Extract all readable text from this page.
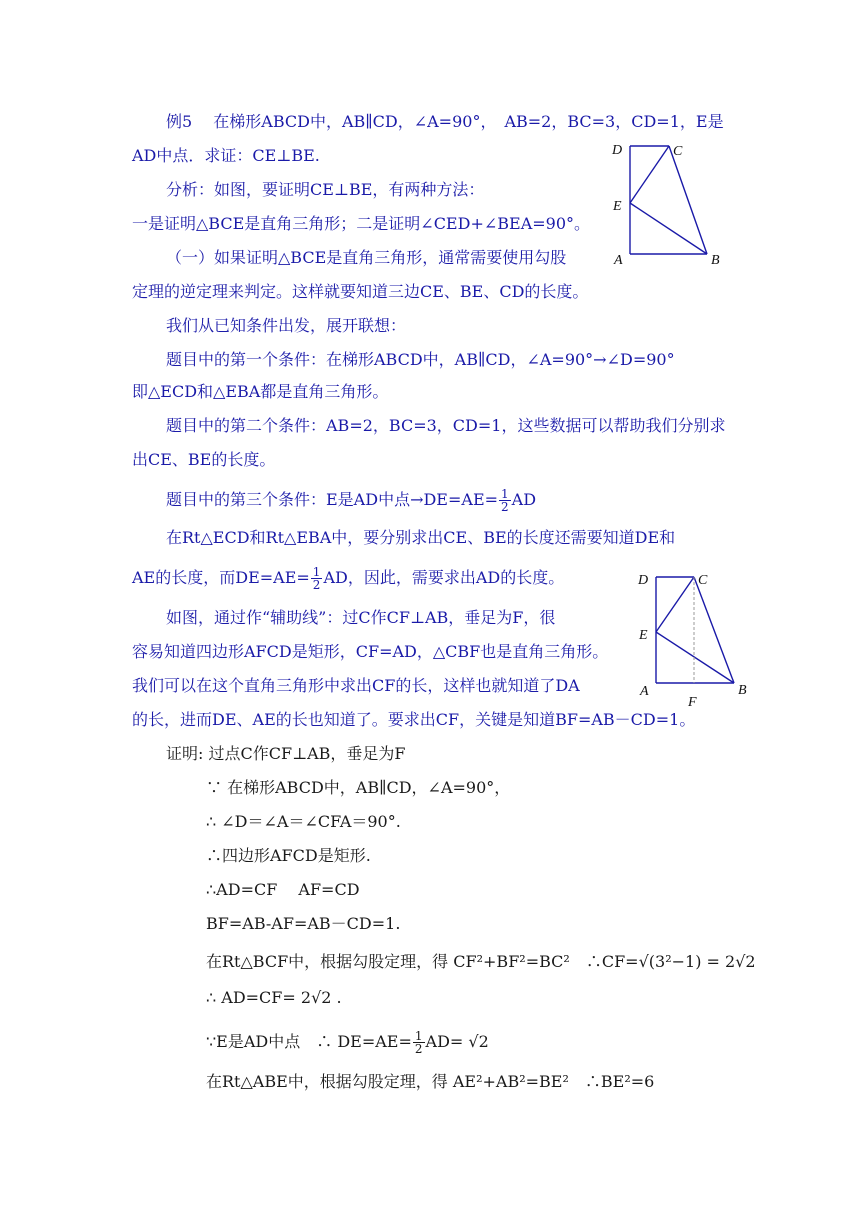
例5　 在梯形ABCD中，AB∥CD，∠A=90°，　AB=2，BC=3，CD=1，E是
AD中点．求证：CE⊥BE.
分析：如图，要证明CE⊥BE，有两种方法：
一是证明△BCE是直角三角形；二是证明∠CED+∠BEA=90°。
（一）如果证明△BCE是直角三角形，通常需要使用勾股
定理的逆定理来判定。这样就要知道三边CE、BE、CD的长度。
我们从已知条件出发，展开联想：
题目中的第一个条件：在梯形ABCD中，AB∥CD，∠A=90°→∠D=90°
即△ECD和△EBA都是直角三角形。
题目中的第二个条件：AB=2，BC=3，CD=1，这些数据可以帮助我们分别求
出CE、BE的长度。
题目中的第三个条件：E是AD中点$\to DE=AE= \frac{1}{2}$ AD
在Rt△ECD和Rt△EBA中，要分别求出CE、BE的长度还需要知道DE和
AE的长度，而$DE=AE= \frac{1}{2}$ AD，因此，需要求出AD的长度。
如图，通过作“辅助线”：过C作CF⊥AB，垂足为F，很
容易知道四边形AFCD是矩形，CF=AD，△CBF也是直角三角形。
我们可以在这个直角三角形中求出CF的长，这样也就知道了DA
的长，进而DE、AE的长也知道了。要求出CF，关键是知道BF=AB－CD=1。
证明: 过点C作CF⊥AB，垂足为F
∵ 在梯形ABCD中，AB∥CD，∠A=90°，
∴ ∠D＝∠A＝∠CFA＝90°.
∴四边形AFCD是矩形.
∴AD=CF　 AF=CD
BF=AB-AF=AB－CD=1.
在Rt△BCF中，根据勾股定理，得 CF²+BF²=BC²　∴CF=√(3²−1) = 2√2
∴ AD=CF= 2√2 .
∵E是AD中点　∴ $DE=AE= \frac{1}{2} AD= √2$
在Rt△ABE中，根据勾股定理，得 AE²+AB²=BE²　∴BE²=6
D	C
E
A	B
D	C
E
A	B
F
